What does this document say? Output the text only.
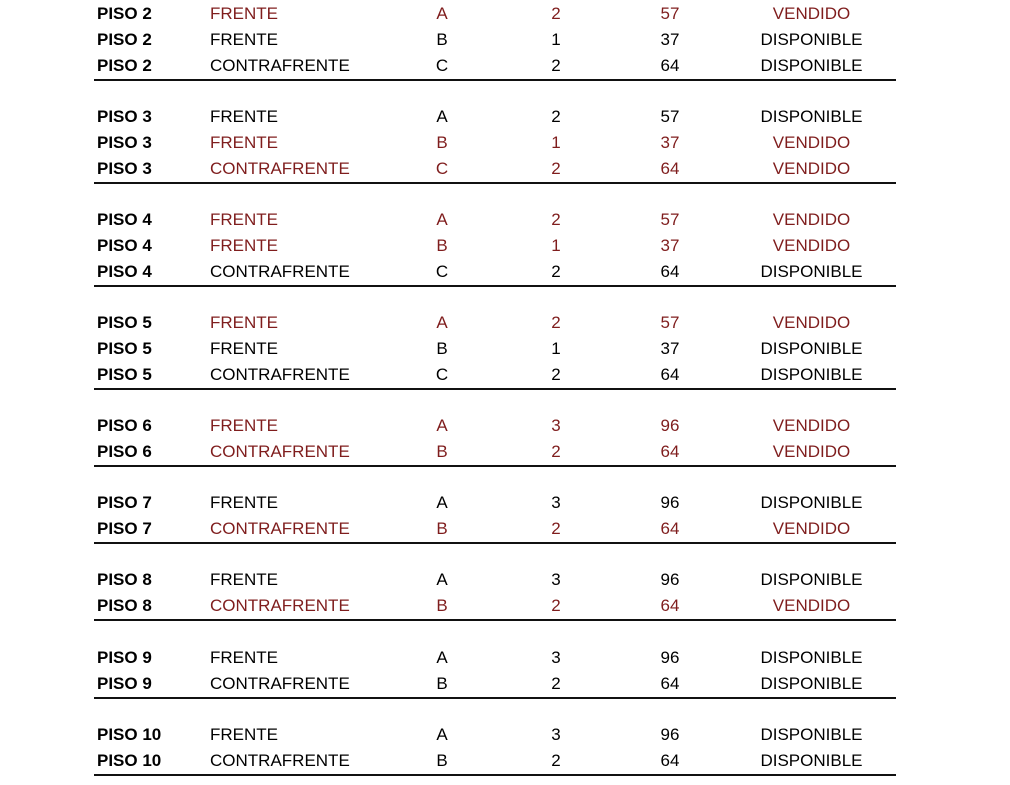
PISO 2	FRENTE	A	2	57	VENDIDO
PISO 2	FRENTE	B	1	37	DISPONIBLE
PISO 2	CONTRAFRENTE	C	2	64	DISPONIBLE
PISO 3	FRENTE	A	2	57	DISPONIBLE
PISO 3	FRENTE	B	1	37	VENDIDO
PISO 3	CONTRAFRENTE	C	2	64	VENDIDO
PISO 4	FRENTE	A	2	57	VENDIDO
PISO 4	FRENTE	B	1	37	VENDIDO
PISO 4	CONTRAFRENTE	C	2	64	DISPONIBLE
PISO 5	FRENTE	A	2	57	VENDIDO
PISO 5	FRENTE	B	1	37	DISPONIBLE
PISO 5	CONTRAFRENTE	C	2	64	DISPONIBLE
PISO 6	FRENTE	A	3	96	VENDIDO
PISO 6	CONTRAFRENTE	B	2	64	VENDIDO
PISO 7	FRENTE	A	3	96	DISPONIBLE
PISO 7	CONTRAFRENTE	B	2	64	VENDIDO
PISO 8	FRENTE	A	3	96	DISPONIBLE
PISO 8	CONTRAFRENTE	B	2	64	VENDIDO
PISO 9	FRENTE	A	3	96	DISPONIBLE
PISO 9	CONTRAFRENTE	B	2	64	DISPONIBLE
PISO 10	FRENTE	A	3	96	DISPONIBLE
PISO 10	CONTRAFRENTE	B	2	64	DISPONIBLE
